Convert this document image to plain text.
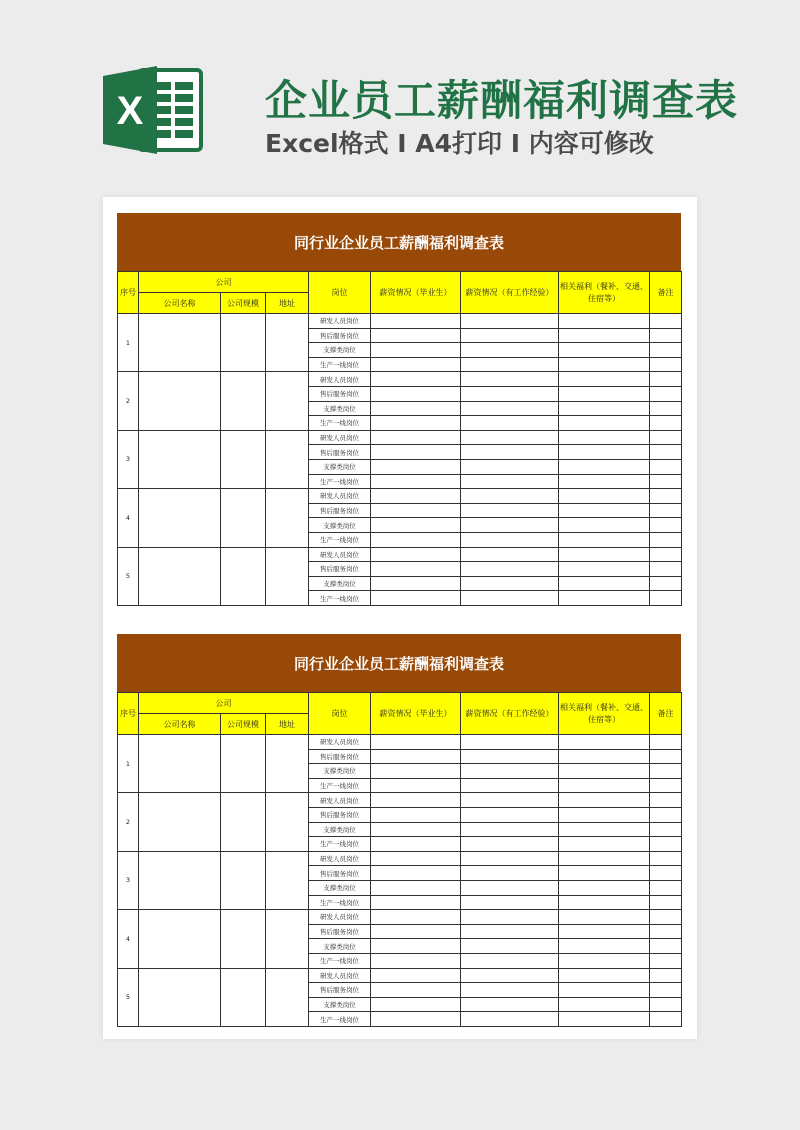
X	企业员工薪酬福利调查表
Excel格式 I A4打印 I 内容可修改
同行业企业员工薪酬福利调查表
序号	公司			岗位	薪资情况（毕业生）	薪资情况（有工作经验）	相关福利（餐补、交通、住宿等）	备注
	公司名称	公司规模	地址					
1				研发人员岗位				
				售后服务岗位				
				支撑类岗位				
				生产一线岗位				
2				研发人员岗位				
				售后服务岗位				
				支撑类岗位				
				生产一线岗位				
3				研发人员岗位				
				售后服务岗位				
				支撑类岗位				
				生产一线岗位				
4				研发人员岗位				
				售后服务岗位				
				支撑类岗位				
				生产一线岗位				
5				研发人员岗位				
				售后服务岗位				
				支撑类岗位				
				生产一线岗位				
同行业企业员工薪酬福利调查表
序号	公司			岗位	薪资情况（毕业生）	薪资情况（有工作经验）	相关福利（餐补、交通、住宿等）	备注
	公司名称	公司规模	地址					
1				研发人员岗位				
				售后服务岗位				
				支撑类岗位				
				生产一线岗位				
2				研发人员岗位				
				售后服务岗位				
				支撑类岗位				
				生产一线岗位				
3				研发人员岗位				
				售后服务岗位				
				支撑类岗位				
				生产一线岗位				
4				研发人员岗位				
				售后服务岗位				
				支撑类岗位				
				生产一线岗位				
5				研发人员岗位				
				售后服务岗位				
				支撑类岗位				
				生产一线岗位				
